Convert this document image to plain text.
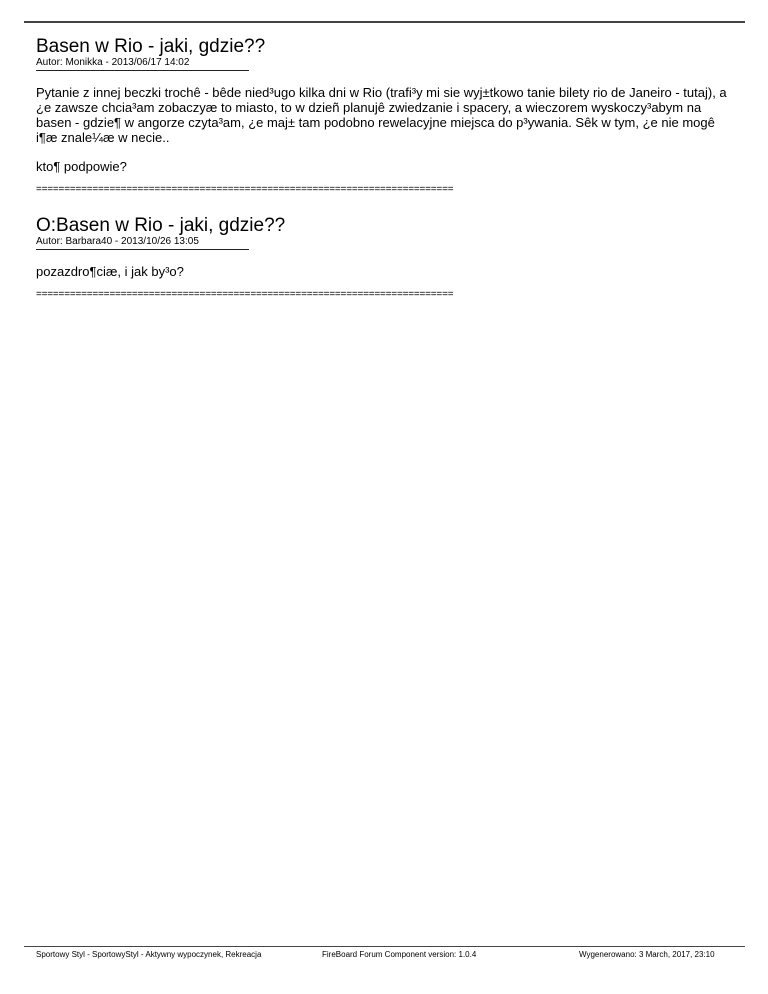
Basen w Rio - jaki, gdzie??

Autor: Monikka - 2013/06/17 14:02

Pytanie z innej beczki trochê - bêde nied³ugo kilka dni w Rio (trafi³y mi sie wyj±tkowo tanie bilety rio de Janeiro - tutaj), a ¿e zawsze chcia³am zobaczyæ to miasto, to w dzieñ planujê zwiedzanie i spacery, a wieczorem wyskoczy³abym na basen - gdzie¶ w angorze czyta³am, ¿e maj± tam podobno rewelacyjne miejsca do p³ywania. Sêk w tym, ¿e nie mogê i¶æ znale¼æ w necie..

kto¶ podpowie?

==========================================================================

O:Basen w Rio - jaki, gdzie??

Autor: Barbara40 - 2013/10/26 13:05

pozazdro¶ciæ, i jak by³o?

==========================================================================

Sportowy Styl - SportowyStyl - Aktywny wypoczynek, Rekreacja	FireBoard Forum Component version: 1.0.4	Wygenerowano: 3 March, 2017, 23:10
